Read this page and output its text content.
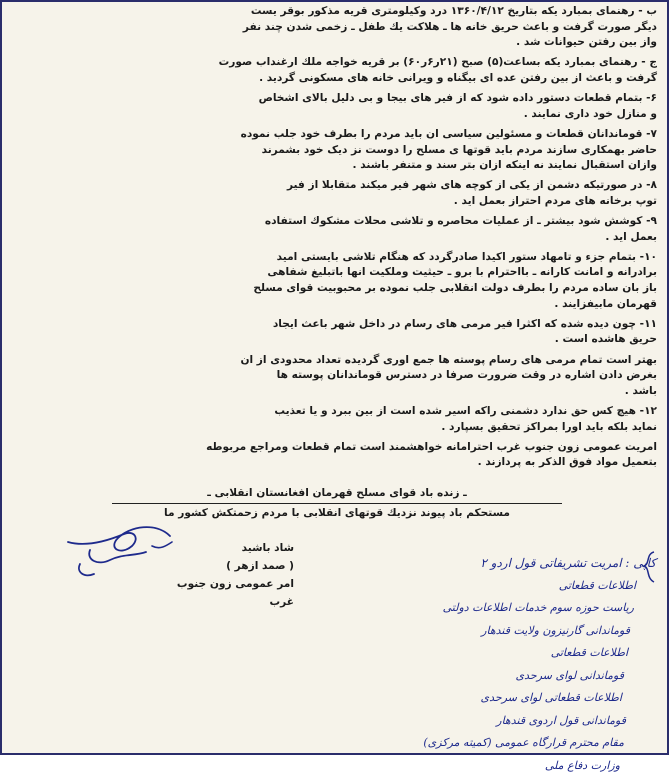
ب - رهنمای بمبارد یکه بتاریخ ۱۳۶۰/۴/۱۲ درد وکیلومتری قریه مذکور بوقر یست
دیگر صورت گرفت و باعث حریق خانه ها ـ هلاکت یك طفل ـ زخمی شدن چند نفر
واز بین رفتن حیوانات شد .
ج - رهنمای بمبارد یکه بساعت(۵) صبح (۲۱ر۶ر۶۰) بر قریه خواجه ملك ارغنداب صورت
گرفت و باعث از بین رفتن عده ای بیگناه و ویرانی خانه های مسکونی گردید .
۶- بتمام قطعات دستور داده شود که از فیر های بیجا و بی دلیل بالای اشخاص
و منازل خود داری نمایند .
۷- قوماندانان قطعات و مسئولین سیاسی ان باید مردم را بطرف خود جلب نموده
حاضر بهمکاری سازند مردم باید قوتها ی مسلح را دوست نز دیک خود بشمرند
وازان استقبال نمایند نه اینکه ازان بتر سند و متنفر باشند .
۸- در صورتیکه دشمن از یکی از کوچه های شهر فیر میکند متقابلا از فیر
توپ برخانه های مردم احتراز بعمل اید .
۹- کوشش شود بیشتر ـ از عملیات محاصره و تلاشی محلات مشکوك استفاده
بعمل اید .
۱۰- بتمام جزء و تامهاد ستور اکیدا صادرگردد که هنگام تلاشی بایستی امید
برادرانه و امانت کارانه ـ بااحترام با برو ـ حیثیت وملکیت انها باتبلیغ شفاهی
باز بان ساده مردم را بطرف دولت انقلابی جلب نموده بر محبوبیت قوای مسلح
قهرمان مابیفزایند .
۱۱- چون دیده شده که اکثرا فیر مرمی های رسام در داخل شهر باعث ایجاد
حریق هاشده است .
بهتر است تمام مرمی های رسام پوسته ها جمع اوری گردیده تعداد محدودی از ان
بغرض دادن اشاره در وقت ضرورت صرفا در دسترس قوماندانان پوسته ها
باشد .
۱۲- هیچ کس حق ندارد دشمنی راکه اسیر شده است از بین ببرد و یا تعذیب
نماید بلکه باید اورا بمراکز تحقیق بسپارد .
امریت عمومی زون جنوب غرب احترامانه خواهشمند است تمام قطعات ومراجع مربوطه
بتعمیل مواد فوق الذکر به پردازند .
ـ زنده باد قوای مسلح قهرمان افغانستان انقلابی ـ
مستحکم باد پیوند نزدیك قوتهای انقلابی با مردم زحمتکش کشور ما
شاد باشید
( صمد ازهر )
امر عمومی زون جنوب غرب
کاپی : امریت تشریفاتی قول اردو ۲
اطلاعات قطعاتی
ریاست حوزه سوم خدمات اطلاعات دولتی
قوماندانی گارنیزون ولایت قندهار
اطلاعات قطعاتی
قوماندانی لوای سرحدی
اطلاعات قطعاتی لوای سرحدی
قوماندانی قول اردوی قندهار
مقام محترم قرارگاه عمومی (کمیته مرکزی)
وزارت دفاع ملی
